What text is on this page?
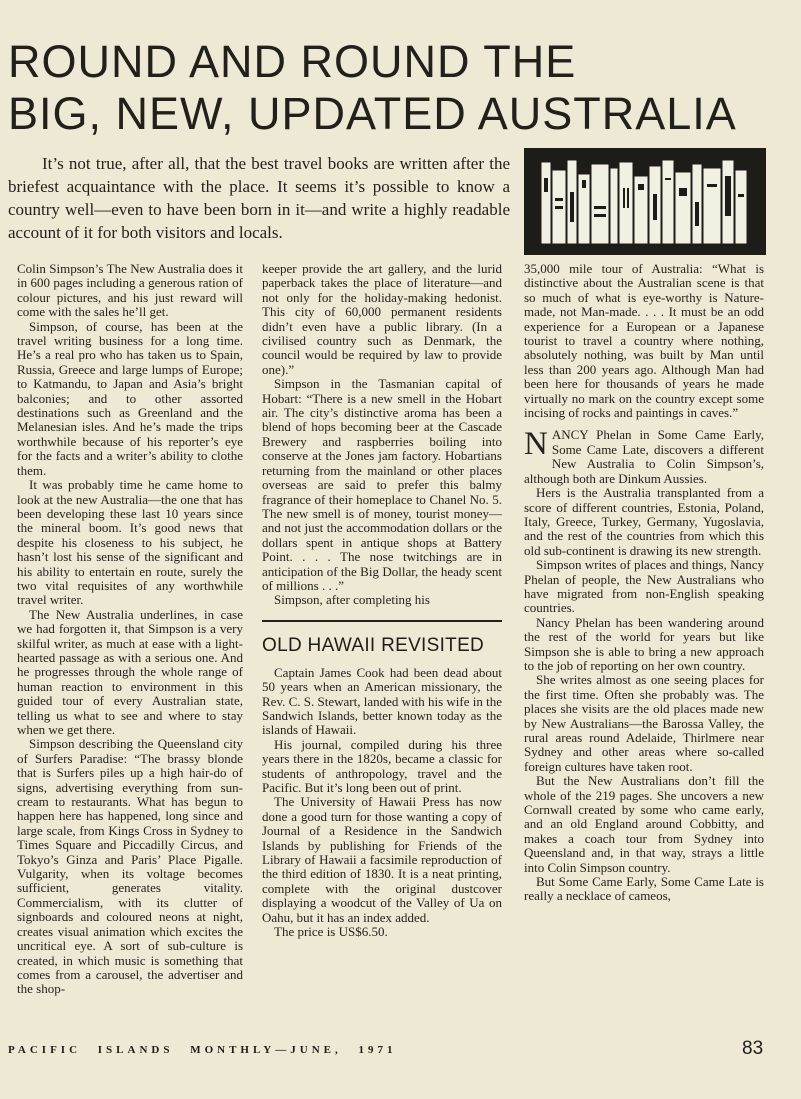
ROUND AND ROUND THE
BIG, NEW, UPDATED AUSTRALIA

It’s not true, after all, that the best travel books are written after the briefest acquaintance with the place. It seems it’s possible to know a country well—even to have been born in it—and write a highly readable account of it for both visitors and locals.

Colin Simpson’s The New Australia does it in 600 pages including a generous ration of colour pictures, and his just reward will come with the sales he’ll get.

Simpson, of course, has been at the travel writing business for a long time. He’s a real pro who has taken us to Spain, Russia, Greece and large lumps of Europe; to Katmandu, to Japan and Asia’s bright balconies; and to other assorted destinations such as Greenland and the Melanesian isles. And he’s made the trips worthwhile because of his reporter’s eye for the facts and a writer’s ability to clothe them.

It was probably time he came home to look at the new Australia—the one that has been developing these last 10 years since the mineral boom. It’s good news that despite his closeness to his subject, he hasn’t lost his sense of the significant and his ability to entertain en route, surely the two vital requisites of any worthwhile travel writer.

The New Australia underlines, in case we had forgotten it, that Simpson is a very skilful writer, as much at ease with a light-hearted passage as with a serious one. And he progresses through the whole range of human reaction to environment in this guided tour of every Australian state, telling us what to see and where to stay when we get there.

Simpson describing the Queensland city of Surfers Paradise: “The brassy blonde that is Surfers piles up a high hair-do of signs, advertising everything from sun-cream to restaurants. What has begun to happen here has happened, long since and large scale, from Kings Cross in Sydney to Times Square and Piccadilly Circus, and Tokyo’s Ginza and Paris’ Place Pigalle. Vulgarity, when its voltage becomes sufficient, generates vitality. Commercialism, with its clutter of signboards and coloured neons at night, creates visual animation which excites the uncritical eye. A sort of sub-culture is created, in which music is something that comes from a carousel, the advertiser and the shop-

keeper provide the art gallery, and the lurid paperback takes the place of literature—and not only for the holiday-making hedonist. This city of 60,000 permanent residents didn’t even have a public library. (In a civilised country such as Denmark, the council would be required by law to provide one).”

Simpson in the Tasmanian capital of Hobart: “There is a new smell in the Hobart air. The city’s distinctive aroma has been a blend of hops becoming beer at the Cascade Brewery and raspberries boiling into conserve at the Jones jam factory. Hobartians returning from the mainland or other places overseas are said to prefer this balmy fragrance of their homeplace to Chanel No. 5. The new smell is of money, tourist money—and not just the accommodation dollars or the dollars spent in antique shops at Battery Point. . . . The nose twitchings are in anticipation of the Big Dollar, the heady scent of millions . . .”

Simpson, after completing his

OLD HAWAII REVISITED

Captain James Cook had been dead about 50 years when an American missionary, the Rev. C. S. Stewart, landed with his wife in the Sandwich Islands, better known today as the islands of Hawaii.

His journal, compiled during his three years there in the 1820s, became a classic for students of anthropology, travel and the Pacific. But it’s long been out of print.

The University of Hawaii Press has now done a good turn for those wanting a copy of Journal of a Residence in the Sandwich Islands by publishing for Friends of the Library of Hawaii a facsimile reproduction of the third edition of 1830. It is a neat printing, complete with the original dustcover displaying a woodcut of the Valley of Ua on Oahu, but it has an index added.

The price is US$6.50.

35,000 mile tour of Australia: “What is distinctive about the Australian scene is that so much of what is eye-worthy is Nature-made, not Man-made. . . . It must be an odd experience for a European or a Japanese tourist to travel a country where nothing, absolutely nothing, was built by Man until less than 200 years ago. Although Man had been here for thousands of years he made virtually no mark on the country except some incising of rocks and paintings in caves.”

NANCY Phelan in Some Came Early, Some Came Late, discovers a different New Australia to Colin Simpson’s, although both are Dinkum Aussies.

Hers is the Australia transplanted from a score of different countries, Estonia, Poland, Italy, Greece, Turkey, Germany, Yugoslavia, and the rest of the countries from which this old sub-continent is drawing its new strength.

Simpson writes of places and things, Nancy Phelan of people, the New Australians who have migrated from non-English speaking countries.

Nancy Phelan has been wandering around the rest of the world for years but like Simpson she is able to bring a new approach to the job of reporting on her own country.

She writes almost as one seeing places for the first time. Often she probably was. The places she visits are the old places made new by New Australians—the Barossa Valley, the rural areas round Adelaide, Thirlmere near Sydney and other areas where so-called foreign cultures have taken root.

But the New Australians don’t fill the whole of the 219 pages. She uncovers a new Cornwall created by some who came early, and an old England around Cobbitty, and makes a coach tour from Sydney into Queensland and, in that way, strays a little into Colin Simpson country.

But Some Came Early, Some Came Late is really a necklace of cameos,

PACIFIC ISLANDS MONTHLY—JUNE, 1971	83
